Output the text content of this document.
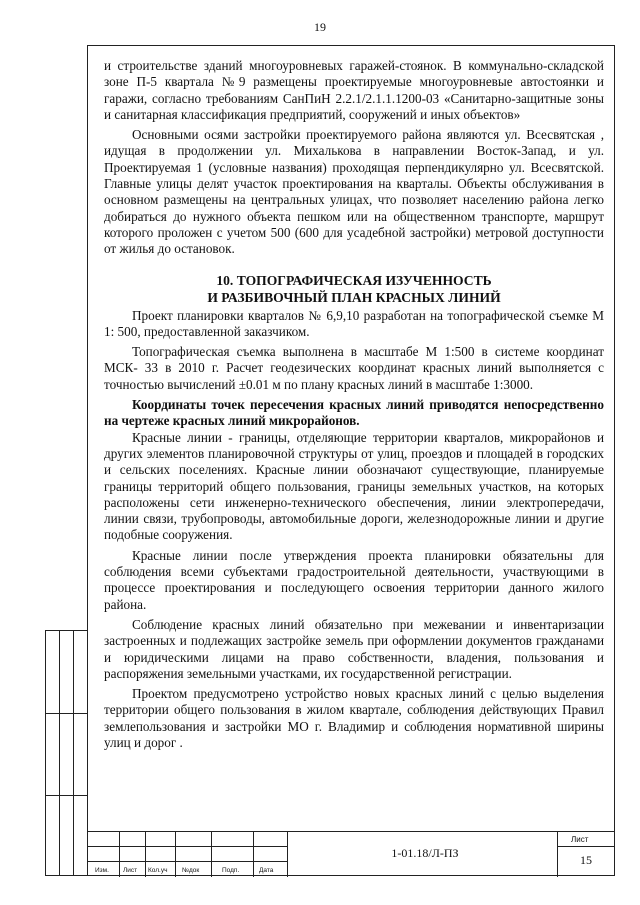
19

и строительстве зданий многоуровневых гаражей-стоянок. В коммунально-складской зоне П-5 квартала №9 размещены проектируемые многоуровневые автостоянки и гаражи, согласно требованиям СанПиН 2.2.1/2.1.1.1200-03 «Санитарно-защитные зоны и санитарная классификация предприятий, сооружений и иных объектов»

Основными осями застройки проектируемого района являются ул. Всесвятская , идущая в продолжении ул. Михалькова в направлении Восток-Запад, и ул. Проектируемая 1 (условные названия) проходящая перпендикулярно ул. Всесвятской. Главные улицы делят участок проектирования на кварталы. Объекты обслуживания в основном размещены на центральных улицах, что позволяет населению района легко добираться до нужного объекта пешком или на общественном транспорте, маршрут которого проложен с учетом 500 (600 для усадебной застройки) метровой доступности от жилья до остановок.

10. ТОПОГРАФИЧЕСКАЯ ИЗУЧЕННОСТЬ
И РАЗБИВОЧНЫЙ ПЛАН КРАСНЫХ ЛИНИЙ

Проект планировки кварталов № 6,9,10 разработан на топографической съемке М 1: 500, предоставленной заказчиком.

Топографическая съемка выполнена в масштабе М 1:500 в системе координат МСК- 33 в 2010 г. Расчет геодезических координат красных линий выполняется с точностью вычислений ±0.01 м по плану красных линий в масштабе 1:3000.

Координаты точек пересечения красных линий приводятся непосредственно на чертеже красных линий микрорайонов.

Красные линии - границы, отделяющие территории кварталов, микрорайонов и других элементов планировочной структуры от улиц, проездов и площадей в городских и сельских поселениях. Красные линии обозначают существующие, планируемые границы территорий общего пользования, границы земельных участков, на которых расположены сети инженерно-технического обеспечения, линии электропередачи, линии связи, трубопроводы, автомобильные дороги, железнодорожные линии и другие подобные сооружения.

Красные линии после утверждения проекта планировки обязательны для соблюдения всеми субъектами градостроительной деятельности, участвующими в процессе проектирования и последующего освоения территории данного жилого района.

Соблюдение красных линий обязательно при межевании и инвентаризации застроенных и подлежащих застройке земель при оформлении документов гражданами и юридическими лицами на право собственности, владения, пользования и распоряжения земельными участками, их государственной регистрации.

Проектом предусмотрено устройство новых красных линий с целью выделения территории общего пользования в жилом квартале, соблюдения действующих Правил землепользования и застройки МО г. Владимир и соблюдения нормативной ширины улиц и дорог .

Изм. Лист Кол.уч №док	Подп.	Дата
1-01.18/Л-ПЗ
Лист
15
